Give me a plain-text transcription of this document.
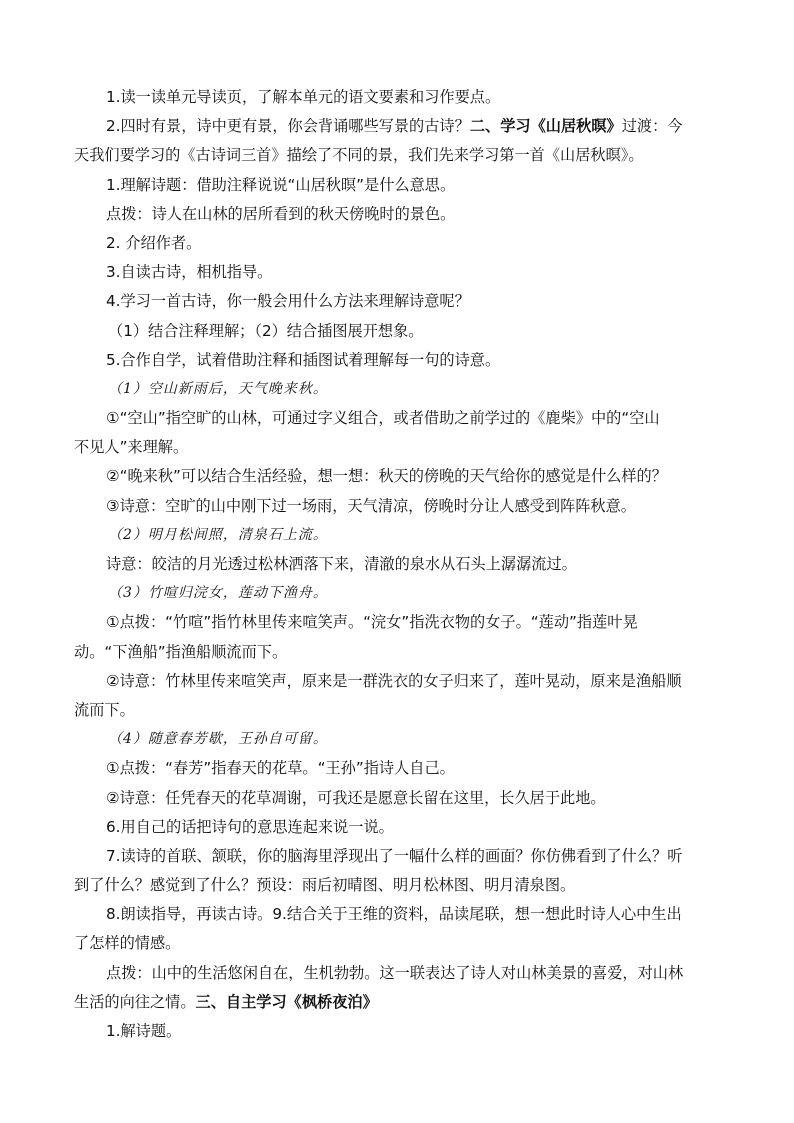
1.读一读单元导读页，了解本单元的语文要素和习作要点。
2.四时有景，诗中更有景，你会背诵哪些写景的古诗？二、学习《山居秋暝》过渡：今
天我们要学习的《古诗词三首》描绘了不同的景，我们先来学习第一首《山居秋暝》。
1.理解诗题：借助注释说说“山居秋暝”是什么意思。
点拨：诗人在山林的居所看到的秋天傍晚时的景色。
2. 介绍作者。
3.自读古诗，相机指导。
4.学习一首古诗，你一般会用什么方法来理解诗意呢？
（1）结合注释理解；（2）结合插图展开想象。
5.合作自学，试着借助注释和插图试着理解每一句的诗意。
（1）空山新雨后，天气晚来秋。
①“空山”指空旷的山林，可通过字义组合，或者借助之前学过的《鹿柴》中的“空山
不见人”来理解。
②“晚来秋”可以结合生活经验，想一想：秋天的傍晚的天气给你的感觉是什么样的？
③诗意：空旷的山中刚下过一场雨，天气清凉，傍晚时分让人感受到阵阵秋意。
（2）明月松间照，清泉石上流。
诗意：皎洁的月光透过松林洒落下来，清澈的泉水从石头上潺潺流过。
（3）竹喧归浣女，莲动下渔舟。
①点拨：“竹喧”指竹林里传来喧笑声。“浣女”指洗衣物的女子。“莲动”指莲叶晃
动。“下渔船”指渔船顺流而下。
②诗意：竹林里传来喧笑声，原来是一群洗衣的女子归来了，莲叶晃动，原来是渔船顺
流而下。
（4）随意春芳歇，王孙自可留。
①点拨：“春芳”指春天的花草。“王孙”指诗人自己。
②诗意：任凭春天的花草凋谢，可我还是愿意长留在这里，长久居于此地。
6.用自己的话把诗句的意思连起来说一说。
7.读诗的首联、颔联，你的脑海里浮现出了一幅什么样的画面？你仿佛看到了什么？听
到了什么？感觉到了什么？预设：雨后初晴图、明月松林图、明月清泉图。
8.朗读指导，再读古诗。9.结合关于王维的资料，品读尾联，想一想此时诗人心中生出
了怎样的情感。
点拨：山中的生活悠闲自在，生机勃勃。这一联表达了诗人对山林美景的喜爱，对山林
生活的向往之情。三、自主学习《枫桥夜泊》
1.解诗题。
